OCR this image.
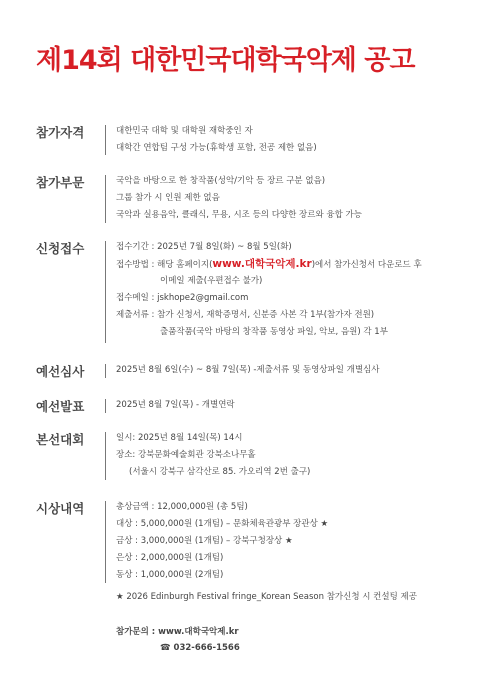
제14회 대한민국대학국악제 공고
참가자격	대한민국 대학 및 대학원 재학중인 자
대학간 연합팀 구성 가능(휴학생 포함, 전공 제한 없음)
참가부문	국악을 바탕으로 한 창작품(성악/기악 등 장르 구분 없음)
그룹 참가 시 인원 제한 없음
국악과 실용음악, 클래식, 무용, 시조 등의 다양한 장르와 융합 가능
신청접수	접수기간 : 2025년 7월 8일(화) ~ 8월 5일(화)
접수방법 : 해당 홈페이지(www.대학국악제.kr)에서 참가신청서 다운로드 후
이메일 제출(우편접수 불가)
접수메일 : jskhope2@gmail.com
제출서류 : 참가 신청서, 재학증명서, 신분증 사본 각 1부(참가자 전원)
출품작품(국악 바탕의 창작품 동영상 파일, 악보, 음원) 각 1부
예선심사	2025년 8월 6일(수) ~ 8월 7일(목) -제출서류 및 동영상파일 개별심사
예선발표	2025년 8월 7일(목) - 개별연락
본선대회	일시: 2025년 8월 14일(목) 14시
장소: 강북문화예술회관 강북소나무홀
(서울시 강북구 삼각산로 85. 가오리역 2번 출구)
시상내역	총상금액 : 12,000,000원 (총 5팀)
대상 : 5,000,000원 (1개팀) – 문화체육관광부 장관상 ★
금상 : 3,000,000원 (1개팀) – 강북구청장상 ★
은상 : 2,000,000원 (1개팀)
동상 : 1,000,000원 (2개팀)
★ 2026 Edinburgh Festival fringe_Korean Season 참가신청 시 컨설팅 제공
참가문의 : www.대학국악제.kr
☎ 032-666-1566
